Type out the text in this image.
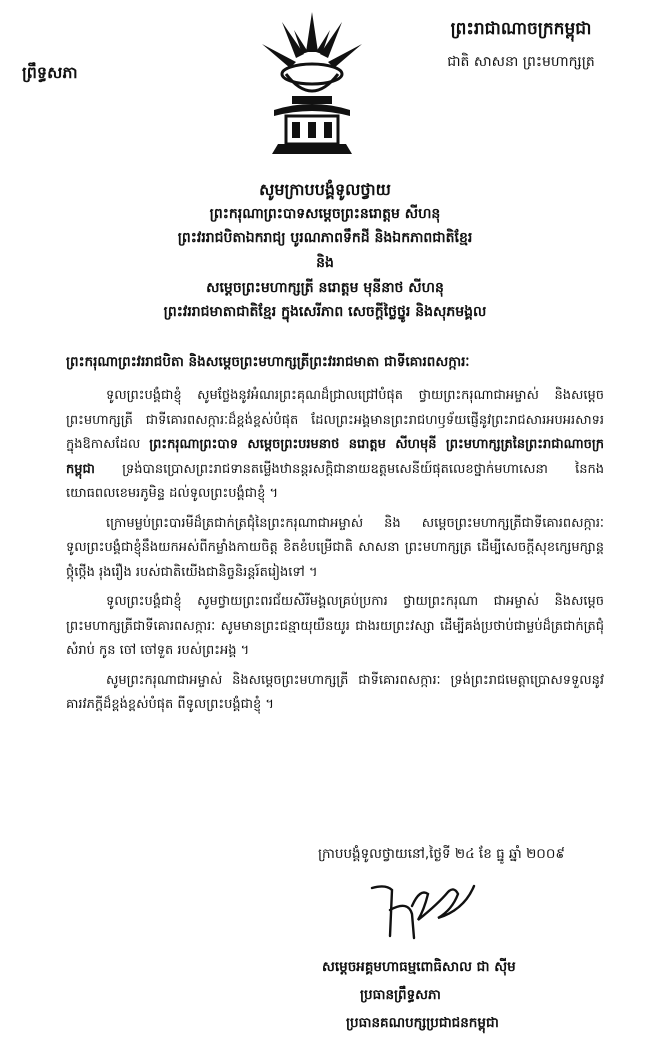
ព្រះរាជាណាចក្រកម្ពុជា
ជាតិ សាសនា ព្រះមហាក្សត្រ
ព្រឹទ្ធសភា
សូមក្រាបបង្គំទូលថ្វាយ
ព្រះករុណាព្រះបាទសម្តេចព្រះនរោត្តម សីហនុ
ព្រះវររាជបិតាឯករាជ្យ បូរណភាពទឹកដី និងឯកភាពជាតិខ្មែរ
និង
សម្តេចព្រះមហាក្សត្រី នរោត្តម មុនីនាថ សីហនុ
ព្រះវររាជមាតាជាតិខ្មែរ ក្នុងសេរីភាព សេចក្តីថ្លៃថ្នូរ និងសុភមង្គល
ព្រះករុណាព្រះវររាជបិតា និងសម្តេចព្រះមហាក្សត្រីព្រះវររាជមាតា ជាទីគោរពសក្ការៈ

ទូលព្រះបង្គំជាខ្ញុំ សូមថ្លែងនូវអំណរព្រះគុណដ៏ជ្រាលជ្រៅបំផុត ថ្វាយព្រះករុណាជាអម្ចាស់ និងសម្តេចព្រះមហាក្សត្រី ជាទីគោរពសក្ការៈដ៏ខ្ពង់ខ្ពស់បំផុត ដែលព្រះអង្គមានព្រះរាជហឫទ័យផ្ញើនូវព្រះរាជសារអបអរសាទរ ក្នុងឱកាសដែល ព្រះករុណាព្រះបាទ សម្តេចព្រះបរមនាថ នរោត្តម សីហមុនី ព្រះមហាក្សត្រនៃព្រះរាជាណាចក្រកម្ពុជា ទ្រង់បានប្រោសព្រះរាជទានតម្លើងឋានន្តរសក្តិជានាយឧត្តមសេនីយ៍ផុតលេខថ្នាក់មហាសេនា នៃកងយោធពលខេមរភូមិន្ទ ដល់ទូលព្រះបង្គំជាខ្ញុំ ។

ក្រោមម្លប់ព្រះបារមីដ៏ត្រជាក់ត្រជុំនៃព្រះករុណាជាអម្ចាស់ និង សម្តេចព្រះមហាក្សត្រីជាទីគោរពសក្ការៈ ទូលព្រះបង្គំជាខ្ញុំនឹងយកអស់ពីកម្លាំងកាយចិត្ត ខិតខំបម្រើជាតិ សាសនា ព្រះមហាក្សត្រ ដើម្បីសេចក្តីសុខក្សេមក្សាន្ត ថ្កុំថ្កើង រុងរឿង របស់ជាតិយើងជានិច្ចនិរន្តរ៍តរៀងទៅ ។

ទូលព្រះបង្គំជាខ្ញុំ សូមថ្វាយព្រះពរជ័យសិរីមង្គលគ្រប់ប្រការ ថ្វាយព្រះករុណា ជាអម្ចាស់ និងសម្តេចព្រះមហាក្សត្រីជាទីគោរពសក្ការៈ សូមមានព្រះជន្មាយុយឺនយូរ ជាងរយព្រះវស្សា ដើម្បីគង់ប្រថាប់ជាម្លប់ដ៏ត្រជាក់ត្រជុំសំរាប់ កូន ចៅ ចៅទួត របស់ព្រះអង្គ ។

សូមព្រះករុណាជាអម្ចាស់ និងសម្តេចព្រះមហាក្សត្រី ជាទីគោរពសក្ការៈ ទ្រង់ព្រះរាជមេត្តាប្រោសទទួលនូវគារវភក្តីដ៏ខ្ពង់ខ្ពស់បំផុត ពីទូលព្រះបង្គំជាខ្ញុំ ។

ក្រាបបង្គំទូលថ្វាយនៅ,ថ្ងៃទី ២៤ ខែ ធ្នូ ឆ្នាំ ២០០៩
សម្តេចអគ្គមហាធម្មពោធិសាល ជា ស៊ីម
ប្រធានព្រឹទ្ធសភា
ប្រធានគណបក្សប្រជាជនកម្ពុជា
